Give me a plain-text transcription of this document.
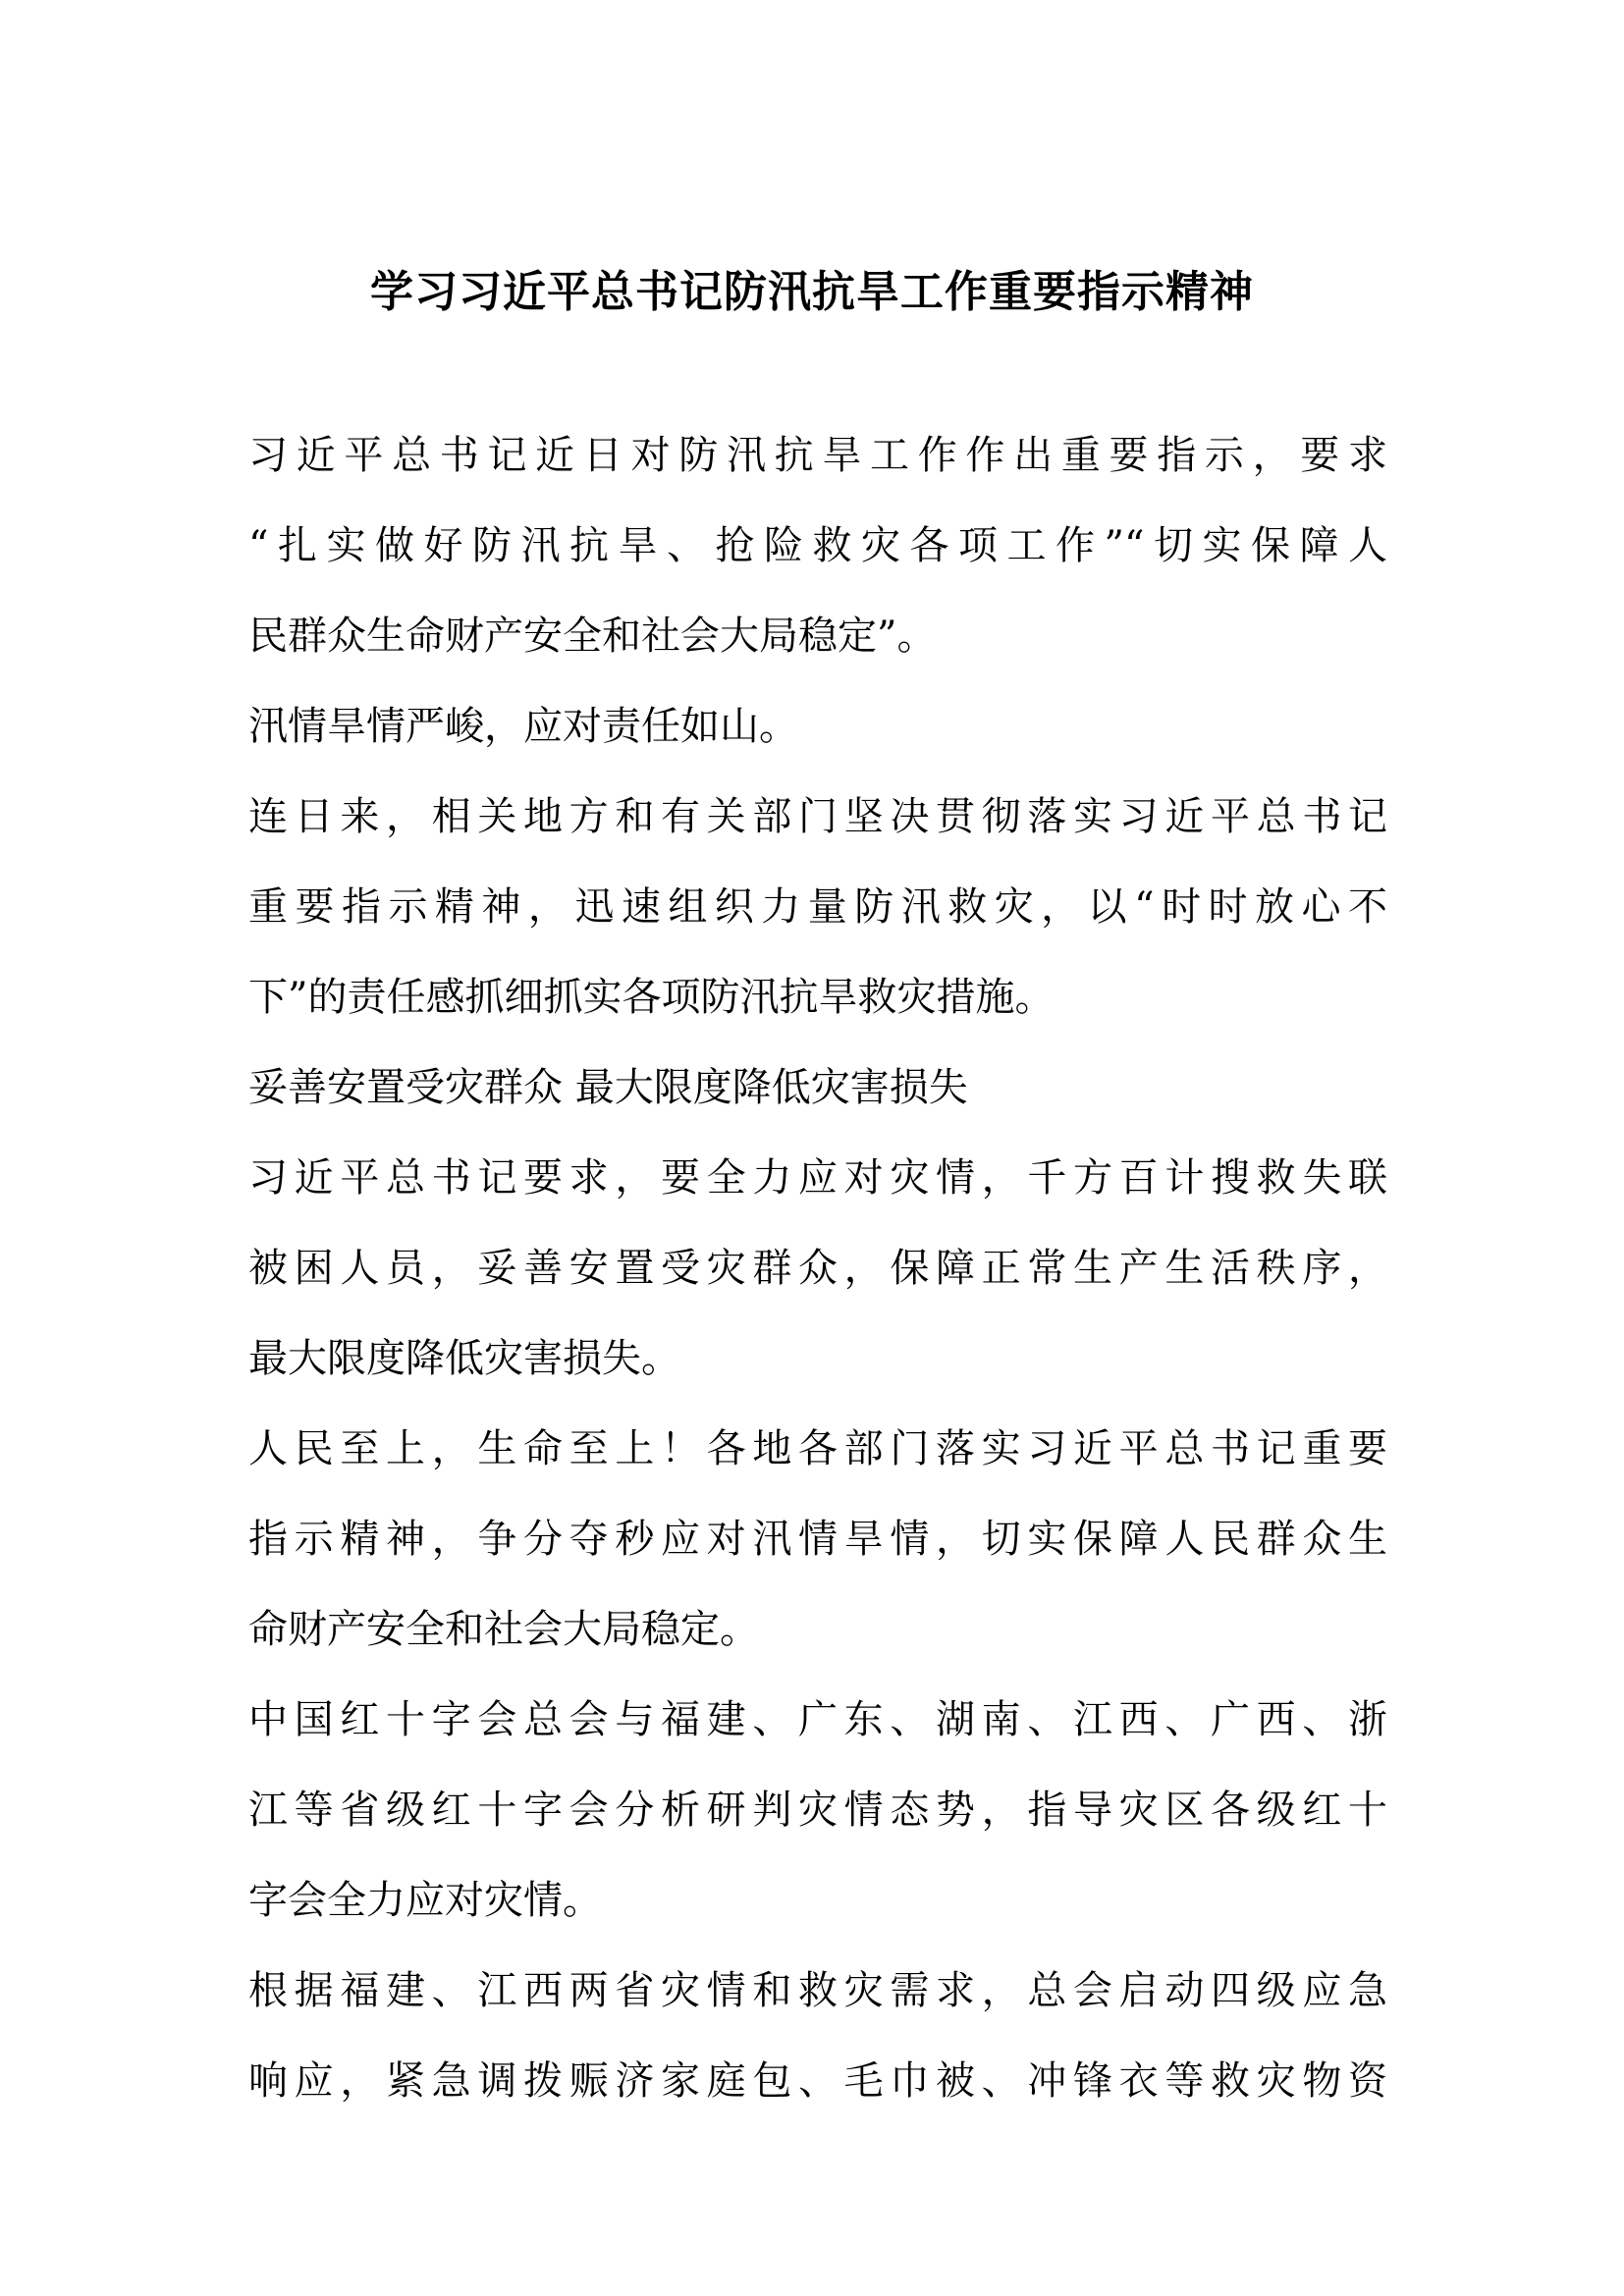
学习习近平总书记防汛抗旱工作重要指示精神
习近平总书记近日对防汛抗旱工作作出重要指示，要求
“扎实做好防汛抗旱、抢险救灾各项工作”“切实保障人
民群众生命财产安全和社会大局稳定”。
汛情旱情严峻，应对责任如山。
连日来，相关地方和有关部门坚决贯彻落实习近平总书记
重要指示精神，迅速组织力量防汛救灾，以“时时放心不
下”的责任感抓细抓实各项防汛抗旱救灾措施。
妥善安置受灾群众 最大限度降低灾害损失
习近平总书记要求，要全力应对灾情，千方百计搜救失联
被困人员，妥善安置受灾群众，保障正常生产生活秩序，
最大限度降低灾害损失。
人民至上，生命至上！各地各部门落实习近平总书记重要
指示精神，争分夺秒应对汛情旱情，切实保障人民群众生
命财产安全和社会大局稳定。
中国红十字会总会与福建、广东、湖南、江西、广西、浙
江等省级红十字会分析研判灾情态势，指导灾区各级红十
字会全力应对灾情。
根据福建、江西两省灾情和救灾需求，总会启动四级应急
响应，紧急调拨赈济家庭包、毛巾被、冲锋衣等救灾物资
